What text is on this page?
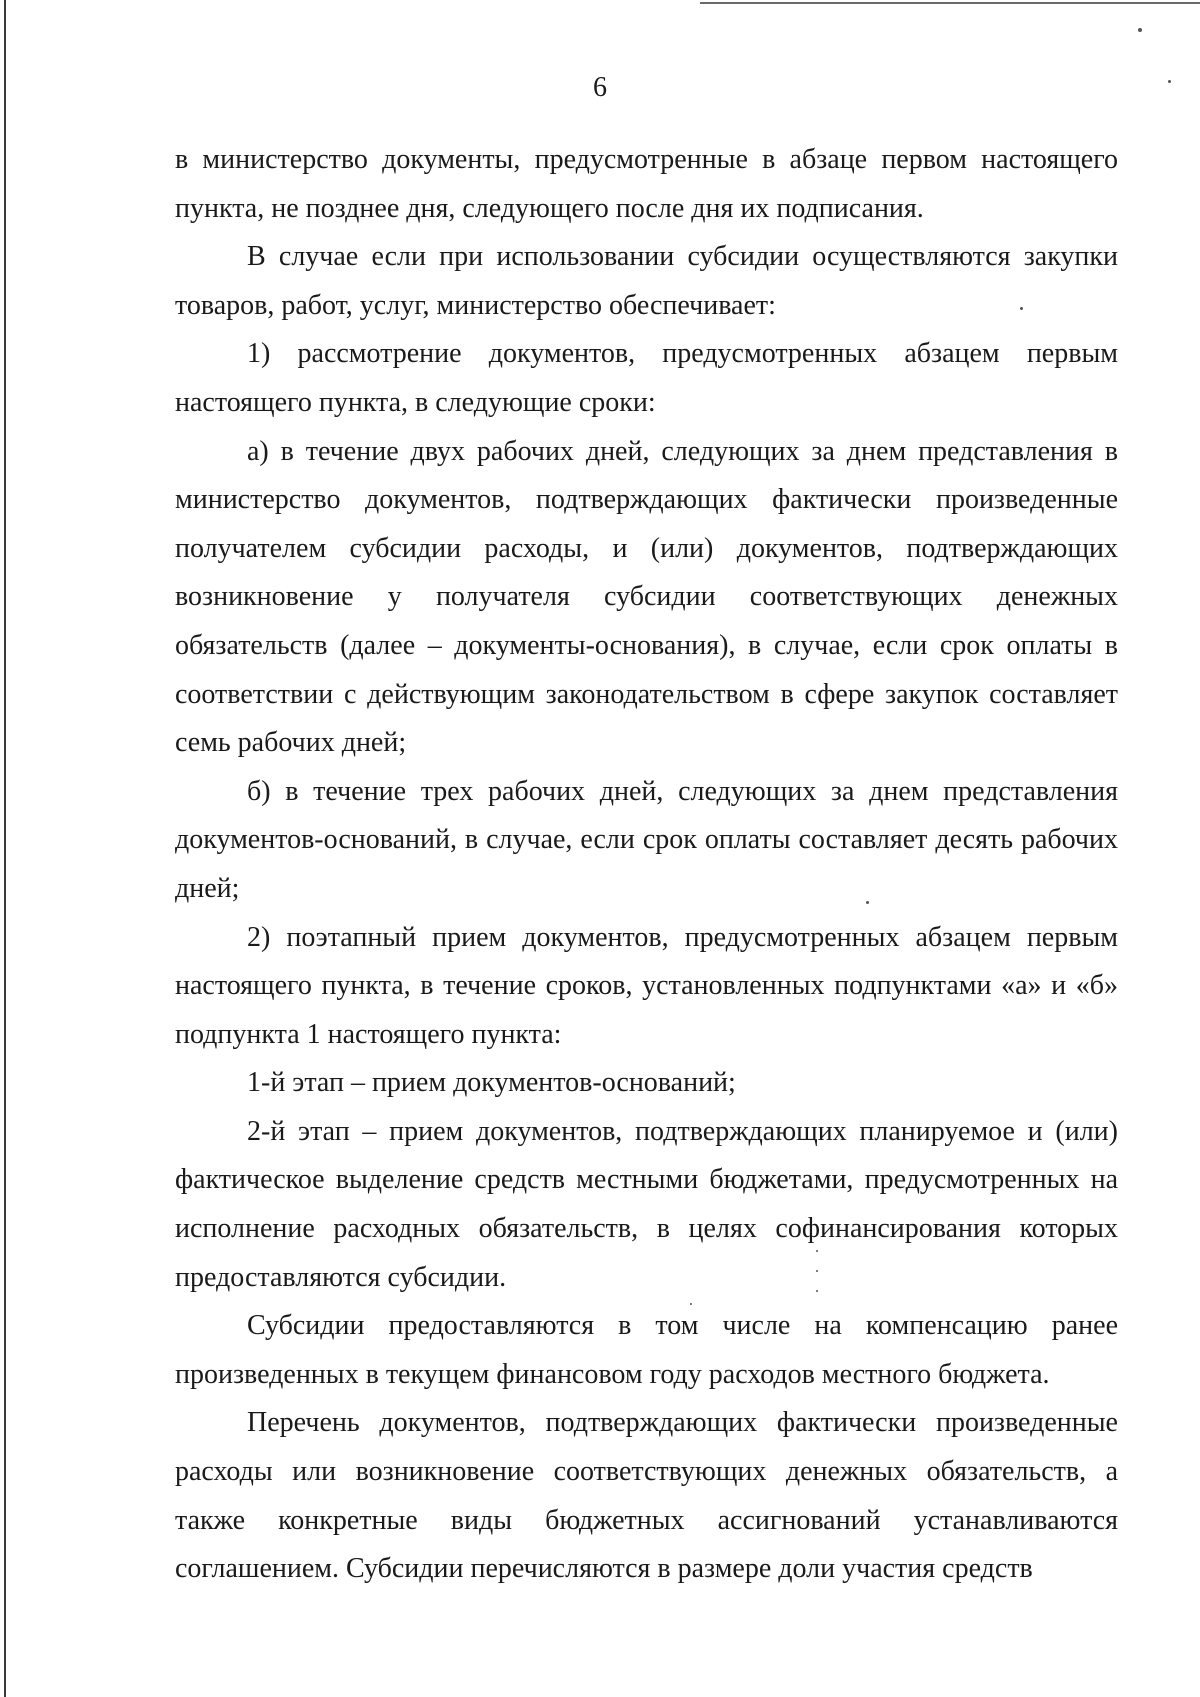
6

в министерство документы, предусмотренные в абзаце первом настоящего пункта, не позднее дня, следующего после дня их подписания.

В случае если при использовании субсидии осуществляются закупки товаров, работ, услуг, министерство обеспечивает:

1) рассмотрение документов, предусмотренных абзацем первым настоящего пункта, в следующие сроки:

а) в течение двух рабочих дней, следующих за днем представления в министерство документов, подтверждающих фактически произведенные получателем субсидии расходы, и (или) документов, подтверждающих возникновение у получателя субсидии соответствующих денежных обязательств (далее – документы-основания), в случае, если срок оплаты в соответствии с действующим законодательством в сфере закупок составляет семь рабочих дней;

б) в течение трех рабочих дней, следующих за днем представления документов-оснований, в случае, если срок оплаты составляет десять рабочих дней;

2) поэтапный прием документов, предусмотренных абзацем первым настоящего пункта, в течение сроков, установленных подпунктами «а» и «б» подпункта 1 настоящего пункта:

1-й этап – прием документов-оснований;

2-й этап – прием документов, подтверждающих планируемое и (или) фактическое выделение средств местными бюджетами, предусмотренных на исполнение расходных обязательств, в целях софинансирования которых предоставляются субсидии.

Субсидии предоставляются в том числе на компенсацию ранее произведенных в текущем финансовом году расходов местного бюджета.

Перечень документов, подтверждающих фактически произведенные расходы или возникновение соответствующих денежных обязательств, а также конкретные виды бюджетных ассигнований устанавливаются соглашением. Субсидии перечисляются в размере доли участия средств
